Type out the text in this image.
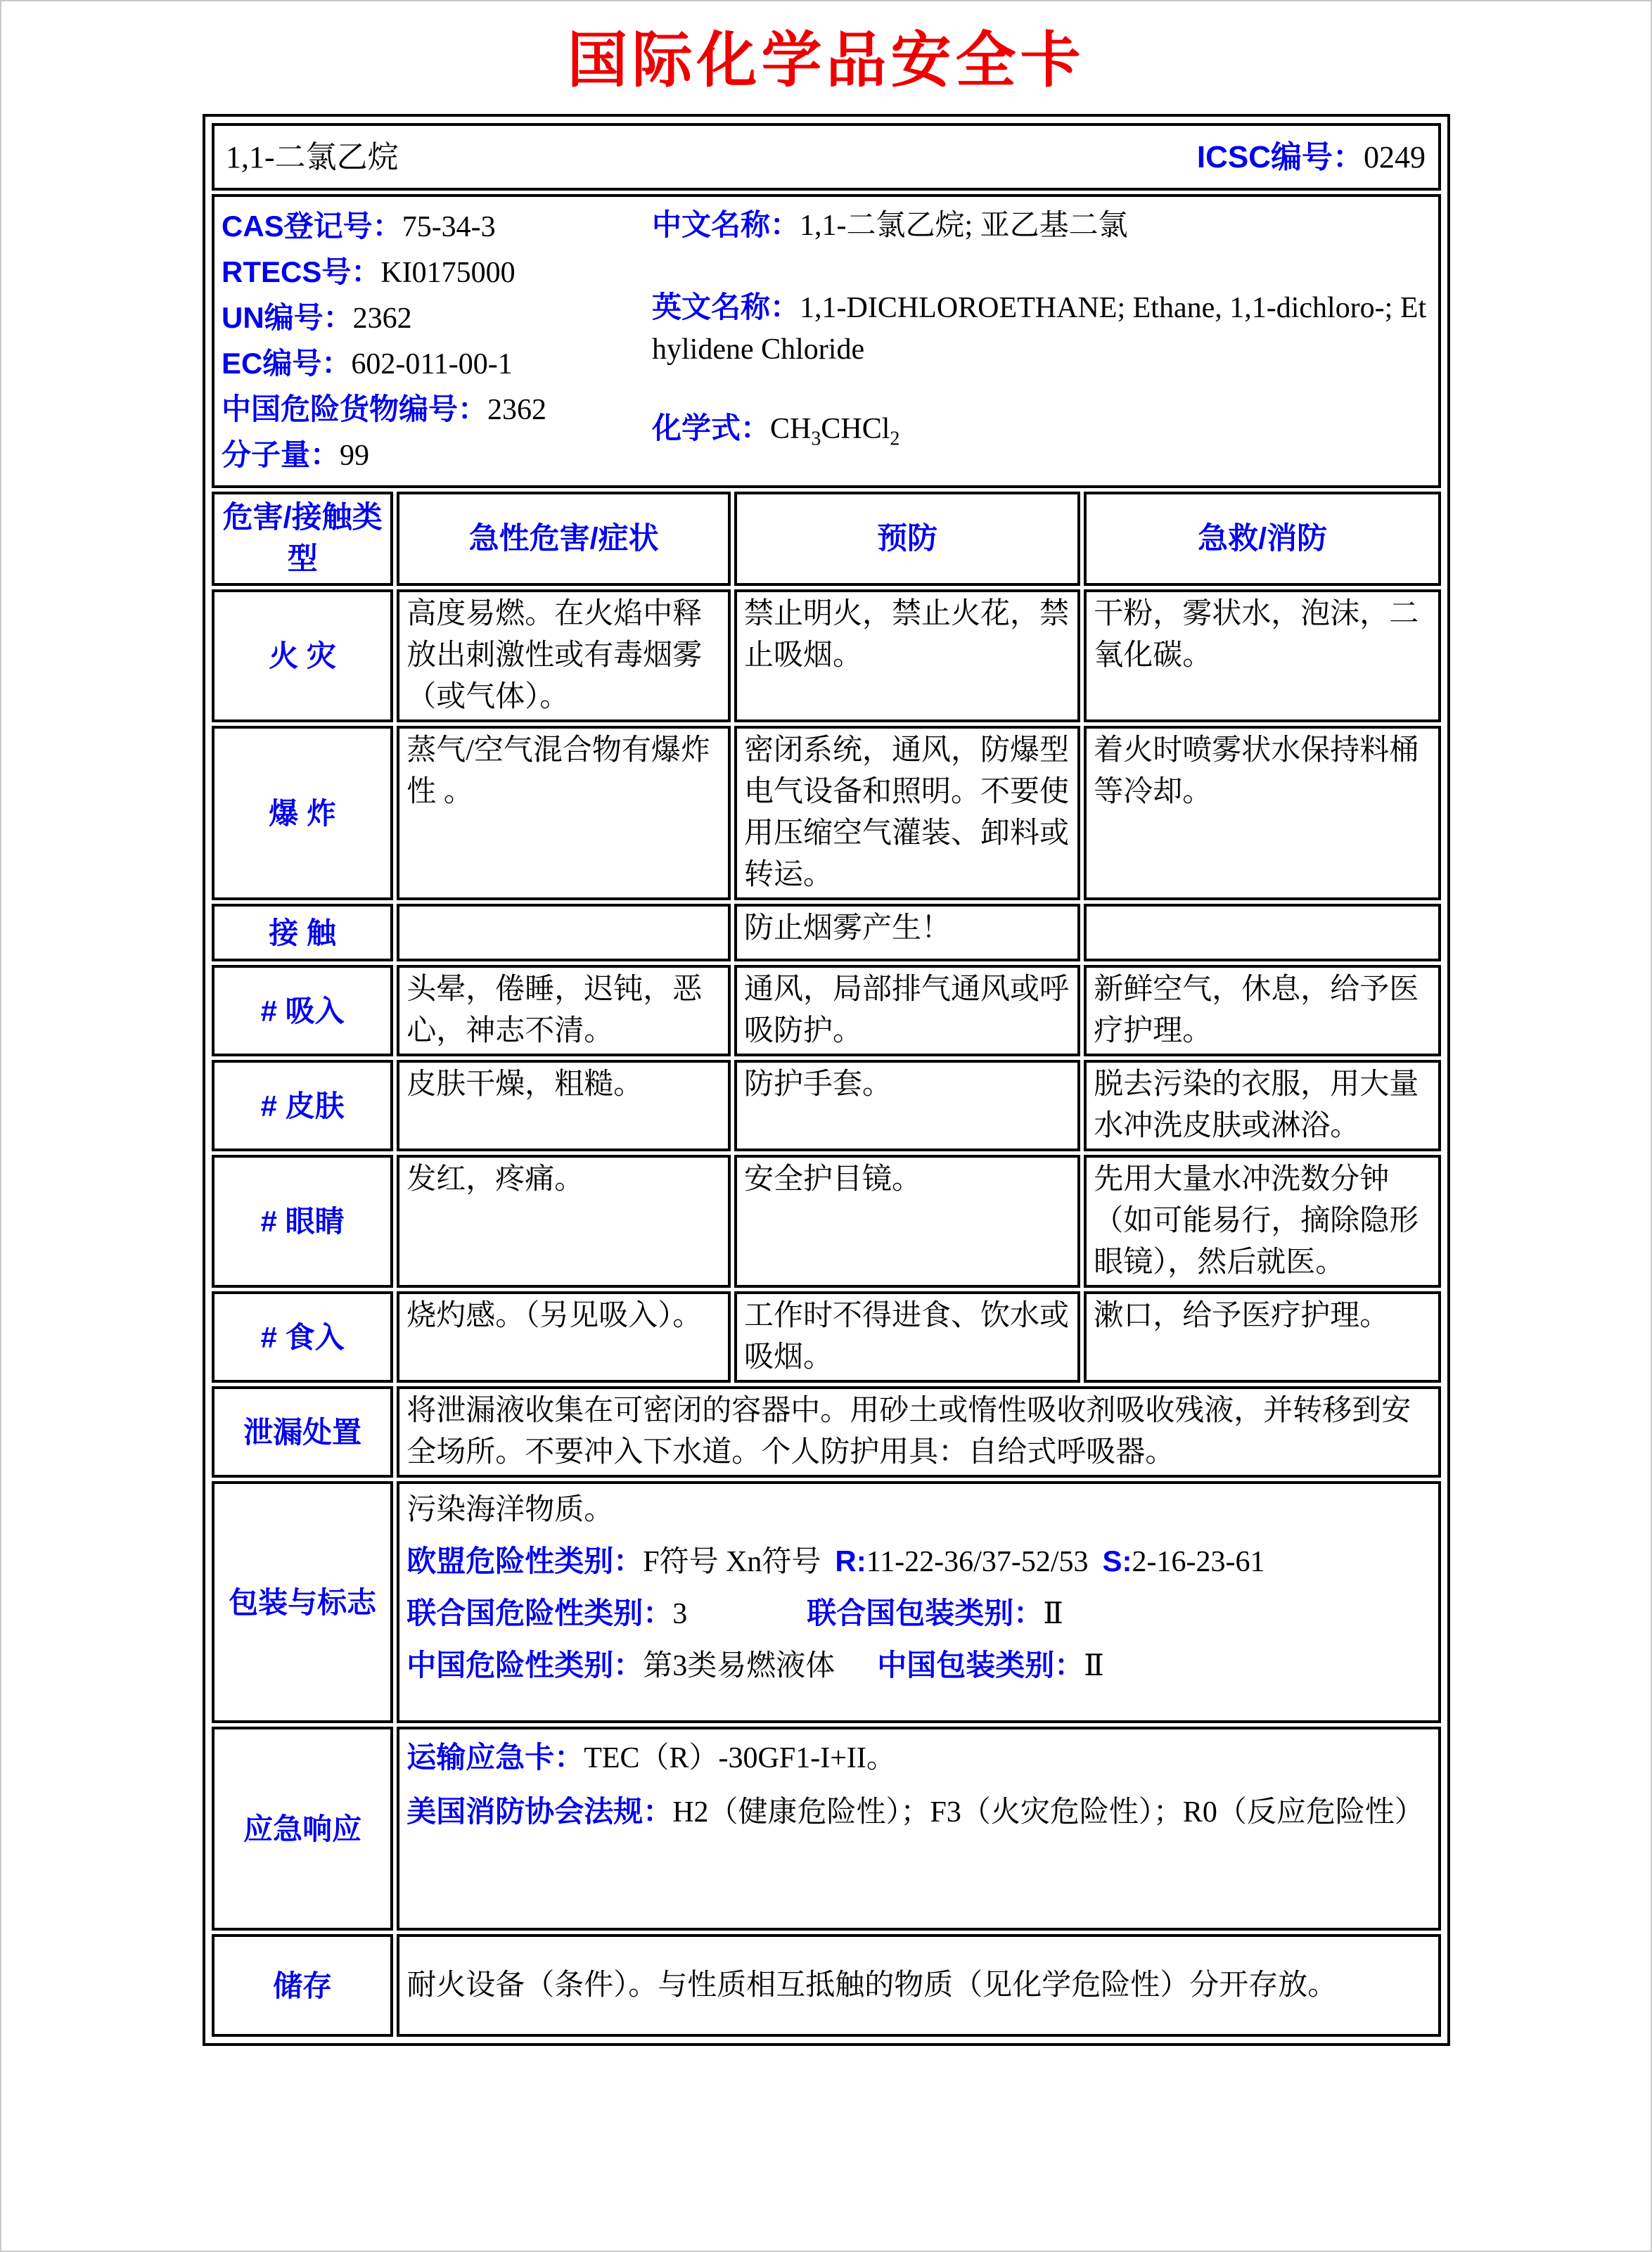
国际化学品安全卡
1,1-二氯乙烷 ICSC编号：0249			

CAS登记号：75-34-3
RTECS号：KI0175000
UN编号：2362
EC编号：602-011-00-1
中国危险货物编号：2362
分子量：99
中文名称：1,1-二氯乙烷; 亚乙基二氯
英文名称：1,1-DICHLOROETHANE; Ethane, 1,1-dichloro-; Ethylidene Chloride
化学式：$CH_3CHCl_2$

危害/接触类型	急性危害/症状	预防	急救/消防
火 灾	高度易燃。在火焰中释放出刺激性或有毒烟雾（或气体）。	禁止明火，禁止火花，禁止吸烟。	干粉，雾状水，泡沫，二氧化碳。
爆 炸	蒸气/空气混合物有爆炸性 。	密闭系统，通风，防爆型电气设备和照明。不要使用压缩空气灌装、卸料或转运。	着火时喷雾状水保持料桶等冷却。
接 触		防止烟雾产生！	
# 吸入	头晕，倦睡，迟钝，恶心，神志不清。	通风，局部排气通风或呼吸防护。	新鲜空气，休息，给予医疗护理。
# 皮肤	皮肤干燥，粗糙。	防护手套。	脱去污染的衣服，用大量水冲洗皮肤或淋浴。
# 眼睛	发红，疼痛。	安全护目镜。	先用大量水冲洗数分钟（如可能易行，摘除隐形眼镜），然后就医。
# 食入	烧灼感。（另见吸入）。	工作时不得进食、饮水或吸烟。	漱口，给予医疗护理。
泄漏处置	将泄漏液收集在可密闭的容器中。用砂土或惰性吸收剂吸收残液，并转移到安全场所。不要冲入下水道。个人防护用具：自给式呼吸器。		
包装与标志	污染海洋物质。

欧盟危险性类别：F符号 Xn符号 R:11-22-36/37-52/53 S:2-16-23-61

联合国危险性类别：3 联合国包装类别：Ⅱ

中国危险性类别：第3类易燃液体 中国包装类别：Ⅱ		

应急响应	运输应急卡：TEC（R）-30GF1-I+II。

美国消防协会法规：H2（健康危险性）；F3（火灾危险性）；R0（反应危险性）		

储存	耐火设备（条件）。与性质相互抵触的物质（见化学危险性）分开存放。		
